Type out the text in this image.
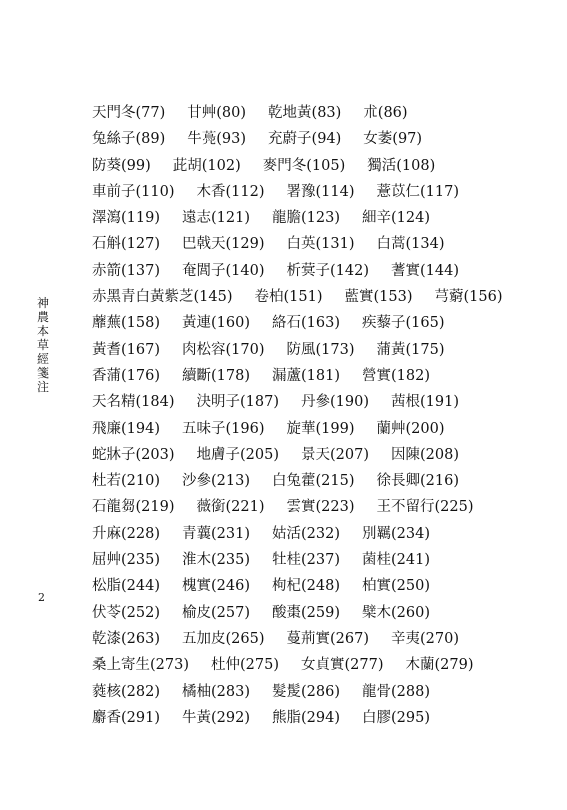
神農本草經箋注
2
天門冬(77) 甘艸(80) 乾地黃(83) 朮(86)
兔絲子(89) 牛𦽏(93) 充蔚子(94) 女萎(97)
防葵(99) 茈胡(102) 麥門冬(105) 獨活(108)
車前子(110) 木香(112) 署豫(114) 薏苡仁(117)
澤瀉(119) 遠志(121) 龍膽(123) 細辛(124)
石斛(127) 巴戟天(129) 白英(131) 白蒿(134)
赤箭(137) 奄閭子(140) 析蓂子(142) 蓍實(144)
赤黑青白黃紫芝(145) 卷柏(151) 藍實(153) 芎藭(156)
蘼蕪(158) 黃連(160) 絡石(163) 疾藜子(165)
黃耆(167) 肉松容(170) 防風(173) 蒲黃(175)
香蒲(176) 續斷(178) 漏蘆(181) 營實(182)
天名精(184) 決明子(187) 丹參(190) 茜根(191)
飛廉(194) 五味子(196) 旋華(199) 蘭艸(200)
蛇牀子(203) 地膚子(205) 景天(207) 因陳(208)
杜若(210) 沙參(213) 白兔藿(215) 徐長卿(216)
石龍芻(219) 薇銜(221) 雲實(223) 王不留行(225)
升麻(228) 青蘘(231) 姑活(232) 別羈(234)
屈艸(235) 淮木(235) 牡桂(237) 菌桂(241)
松脂(244) 槐實(246) 枸杞(248) 柏實(250)
伏苓(252) 榆皮(257) 酸棗(259) 檗木(260)
乾漆(263) 五加皮(265) 蔓荊實(267) 辛夷(270)
桑上寄生(273) 杜仲(275) 女貞實(277) 木蘭(279)
蕤核(282) 橘柚(283) 髮髲(286) 龍骨(288)
麝香(291) 牛黃(292) 熊脂(294) 白膠(295)
